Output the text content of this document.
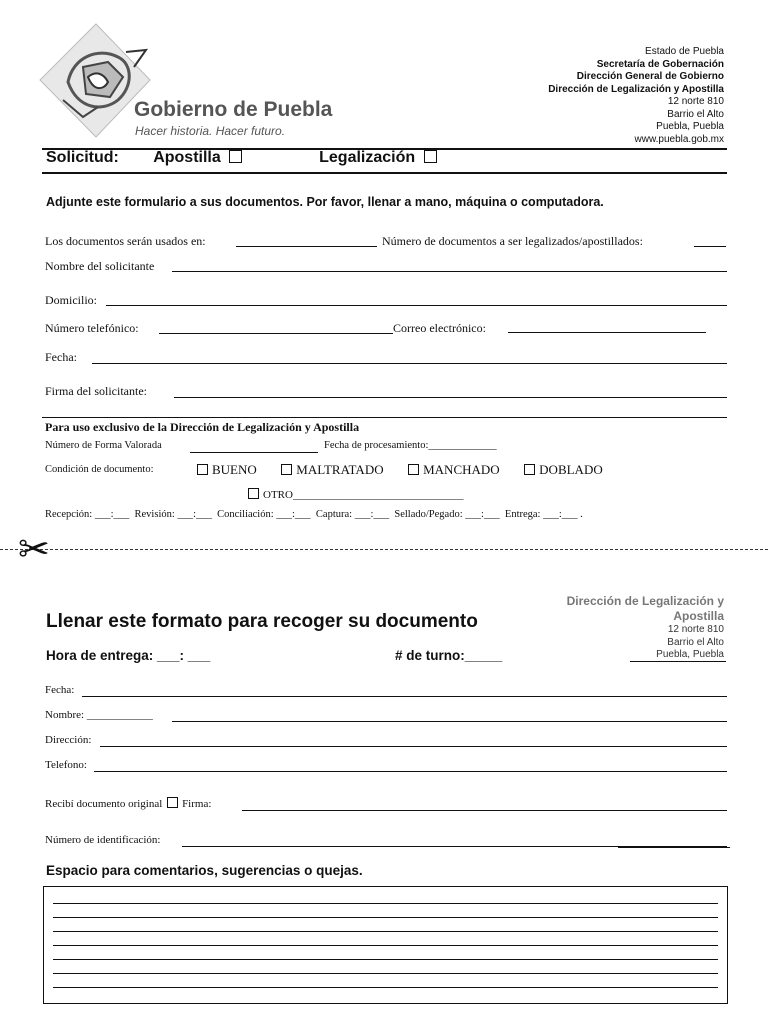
Gobierno de Puebla
Hacer historia. Hacer futuro.
Estado de Puebla
Secretaría de Gobernación
Dirección General de Gobierno
Dirección de Legalización y Apostilla
12 norte 810
Barrio el Alto
Puebla, Puebla
www.puebla.gob.mx
Solicitud: Apostilla	Legalización
Adjunte este formulario a sus documentos. Por favor, llenar a mano, máquina o computadora.
Los documentos serán usados en:	Número de documentos a ser legalizados/apostillados:
Nombre del solicitante
Domicilio:
Número telefónico:	Correo electrónico:
Fecha:
Firma del solicitante:
Para uso exclusivo de la Dirección de Legalización y Apostilla
Número de Forma Valorada	Fecha de procesamiento:_____________
Condición de documento:	BUENO	MALTRATADO	MANCHADO	DOBLADO
OTRO_______________________________
Recepción: ___:___  Revisión: ___:___  Conciliación: ___:___  Captura: ___:___  Sellado/Pegado: ___:___  Entrega: ___:___ .
✂
Llenar este formato para recoger su documento
Dirección de Legalización y
Apostilla
12 norte 810
Barrio el Alto
Puebla, Puebla
Hora de entrega: ___: ___	# de turno:_____
Fecha:
Nombre: ____________
Dirección:
Telefono:
Recibí documento original Firma:
Número de identificación:
Espacio para comentarios, sugerencias o quejas.
